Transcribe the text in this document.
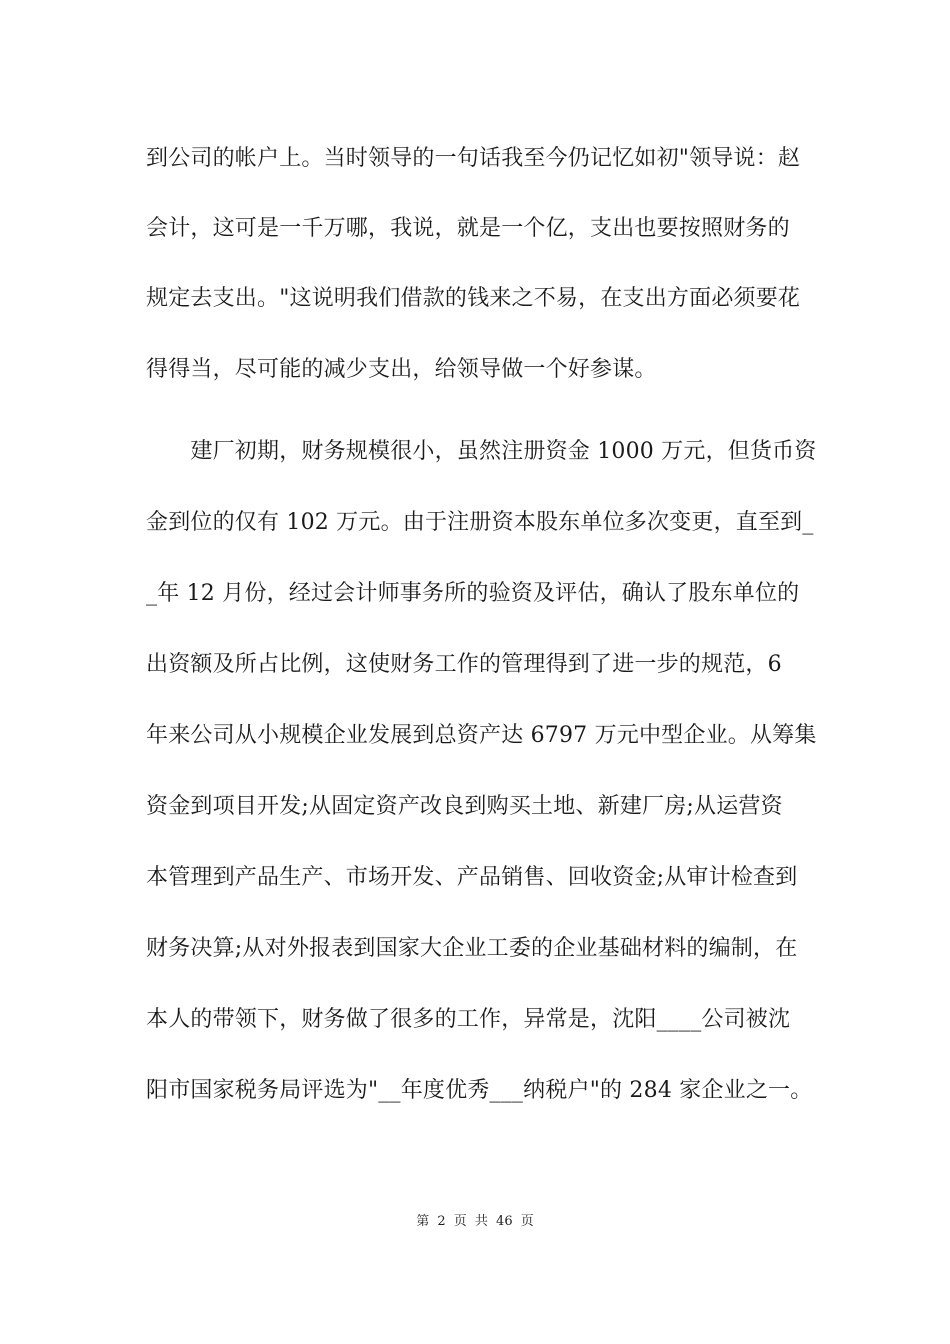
到公司的帐户上。当时领导的一句话我至今仍记忆如初"领导说：赵
会计，这可是一千万哪，我说，就是一个亿，支出也要按照财务的
规定去支出。"这说明我们借款的钱来之不易，在支出方面必须要花
得得当，尽可能的减少支出，给领导做一个好参谋。
　　建厂初期，财务规模很小，虽然注册资金 1000 万元，但货币资
金到位的仅有 102 万元。由于注册资本股东单位多次变更，直至到_
_年 12 月份，经过会计师事务所的验资及评估，确认了股东单位的
出资额及所占比例，这使财务工作的管理得到了进一步的规范，6
年来公司从小规模企业发展到总资产达 6797 万元中型企业。从筹集
资金到项目开发;从固定资产改良到购买土地、新建厂房;从运营资
本管理到产品生产、市场开发、产品销售、回收资金;从审计检查到
财务决算;从对外报表到国家大企业工委的企业基础材料的编制，在
本人的带领下，财务做了很多的工作，异常是，沈阳____公司被沈
阳市国家税务局评选为"__年度优秀___纳税户"的 284 家企业之一。
第 2 页 共 46 页
